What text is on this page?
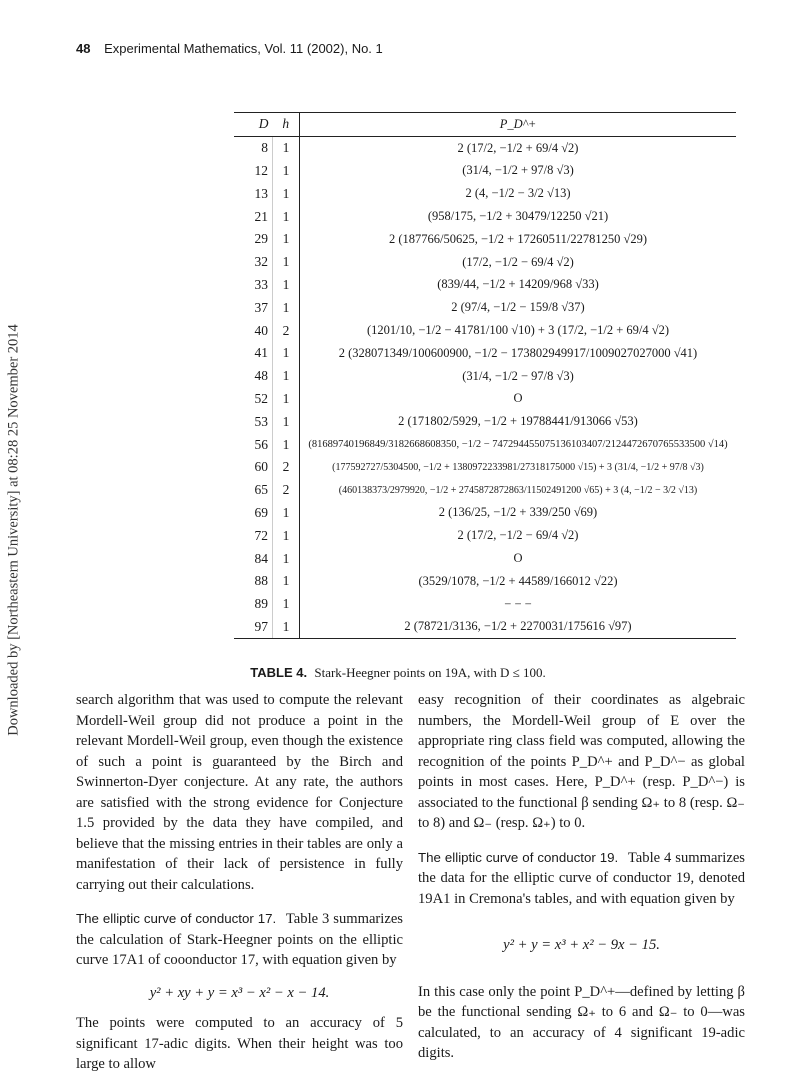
Downloaded by [Northeastern University] at 08:28 25 November 2014
48 Experimental Mathematics, Vol. 11 (2002), No. 1
D	h	P_D^+
8	1	2 (17/2, −1/2 + 69/4 √2)
12	1	(31/4, −1/2 + 97/8 √3)
13	1	2 (4, −1/2 − 3/2 √13)
21	1	(958/175, −1/2 + 30479/12250 √21)
29	1	2 (187766/50625, −1/2 + 17260511/22781250 √29)
32	1	(17/2, −1/2 − 69/4 √2)
33	1	(839/44, −1/2 + 14209/968 √33)
37	1	2 (97/4, −1/2 − 159/8 √37)
40	2	(1201/10, −1/2 − 41781/100 √10) + 3 (17/2, −1/2 + 69/4 √2)
41	1	2 (328071349/100600900, −1/2 − 173802949917/1009027027000 √41)
48	1	(31/4, −1/2 − 97/8 √3)
52	1	O
53	1	2 (171802/5929, −1/2 + 19788441/913066 √53)
56	1	(81689740196849/3182668608350, −1/2 − 747294455075136103407/2124472670765533500 √14)
60	2	(177592727/5304500, −1/2 + 1380972233981/27318175000 √15) + 3 (31/4, −1/2 + 97/8 √3)
65	2	(460138373/2979920, −1/2 + 2745872872863/11502491200 √65) + 3 (4, −1/2 − 3/2 √13)
69	1	2 (136/25, −1/2 + 339/250 √69)
72	1	2 (17/2, −1/2 − 69/4 √2)
84	1	O
88	1	(3529/1078, −1/2 + 44589/166012 √22)
89	1	− − −
97	1	2 (78721/3136, −1/2 + 2270031/175616 √97)
TABLE 4. Stark-Heegner points on 19A, with D ≤ 100.

search algorithm that was used to compute the relevant Mordell-Weil group did not produce a point in the relevant Mordell-Weil group, even though the existence of such a point is guaranteed by the Birch and Swinnerton-Dyer conjecture. At any rate, the authors are satisfied with the strong evidence for Conjecture 1.5 provided by the data they have compiled, and believe that the missing entries in their tables are only a manifestation of their lack of persistence in fully carrying out their calculations.

The elliptic curve of conductor 17. Table 3 summarizes the calculation of Stark-Heegner points on the elliptic curve 17A1 of cooonductor 17, with equation given by

y² + xy + y = x³ − x² − x − 14.

The points were computed to an accuracy of 5 significant 17-adic digits. When their height was too large to allow

easy recognition of their coordinates as algebraic numbers, the Mordell-Weil group of E over the appropriate ring class field was computed, allowing the recognition of the points P_D^+ and P_D^− as global points in most cases. Here, P_D^+ (resp. P_D^−) is associated to the functional β sending Ω₊ to 8 (resp. Ω₋ to 8) and Ω₋ (resp. Ω₊) to 0.

The elliptic curve of conductor 19. Table 4 summarizes the data for the elliptic curve of conductor 19, denoted 19A1 in Cremona's tables, and with equation given by

y² + y = x³ + x² − 9x − 15.

In this case only the point P_D^+—defined by letting β be the functional sending Ω₊ to 6 and Ω₋ to 0—was calculated, to an accuracy of 4 significant 19-adic digits.
